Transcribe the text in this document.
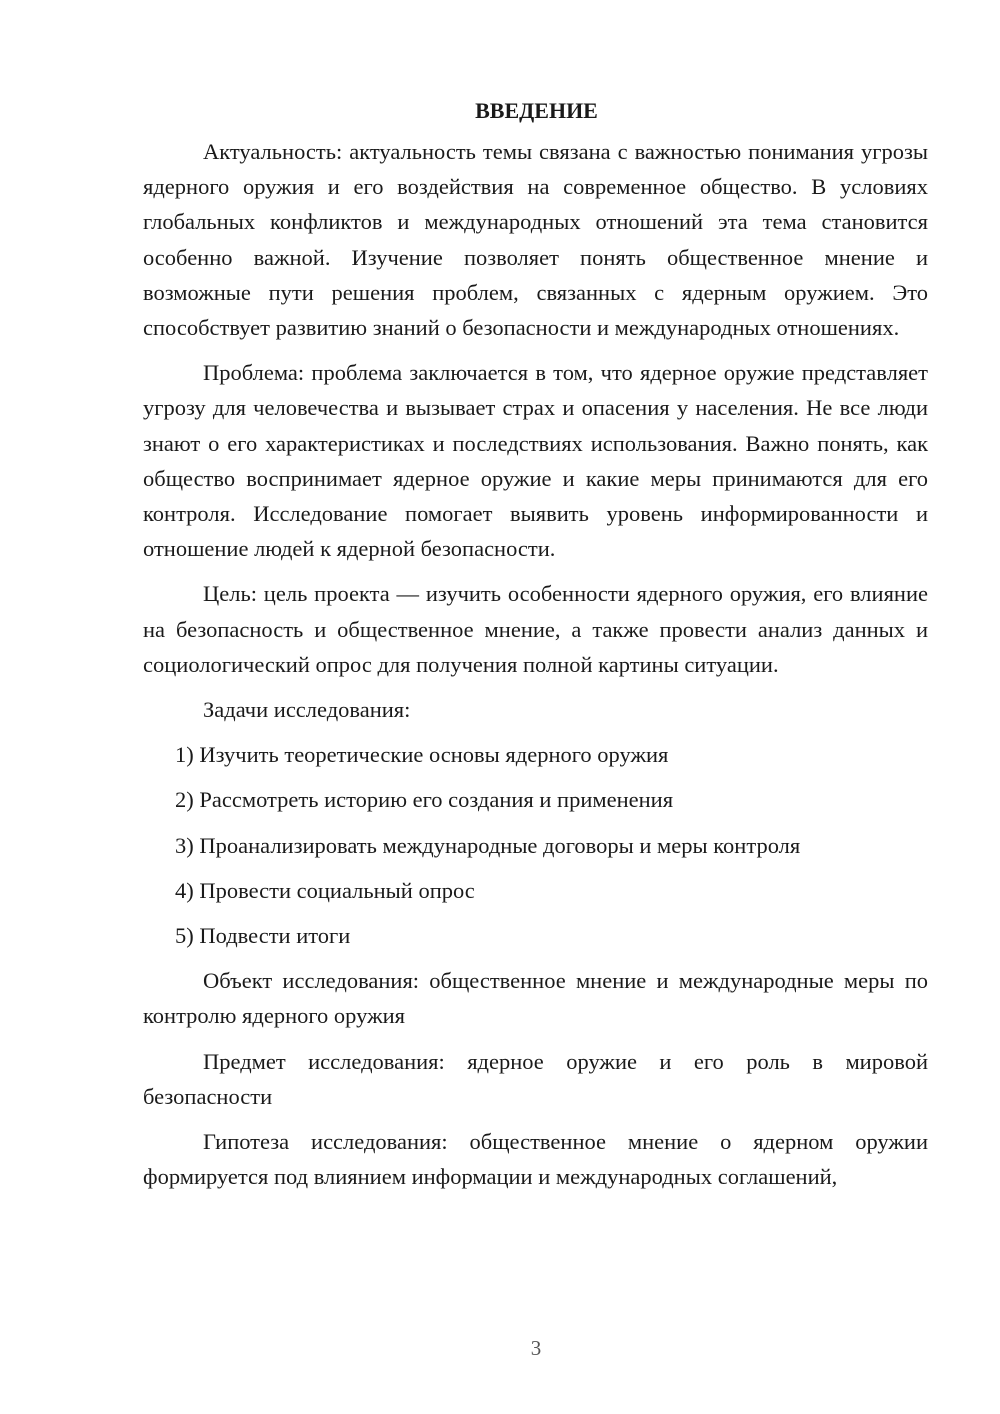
ВВЕДЕНИЕ

Актуальность: актуальность темы связана с важностью понимания угрозы ядерного оружия и его воздействия на современное общество. В условиях глобальных конфликтов и международных отношений эта тема становится особенно важной. Изучение позволяет понять общественное мнение и возможные пути решения проблем, связанных с ядерным оружием. Это способствует развитию знаний о безопасности и международных отношениях.

Проблема: проблема заключается в том, что ядерное оружие представляет угрозу для человечества и вызывает страх и опасения у населения. Не все люди знают о его характеристиках и последствиях использования. Важно понять, как общество воспринимает ядерное оружие и какие меры принимаются для его контроля. Исследование помогает выявить уровень информированности и отношение людей к ядерной безопасности.

Цель: цель проекта — изучить особенности ядерного оружия, его влияние на безопасность и общественное мнение, а также провести анализ данных и социологический опрос для получения полной картины ситуации.

Задачи исследования:

1) Изучить теоретические основы ядерного оружия
2) Рассмотреть историю его создания и применения
3) Проанализировать международные договоры и меры контроля
4) Провести социальный опрос
5) Подвести итоги

Объект исследования: общественное мнение и международные меры по контролю ядерного оружия

Предмет исследования: ядерное оружие и его роль в мировой безопасности

Гипотеза исследования: общественное мнение о ядерном оружии формируется под влиянием информации и международных соглашений,

3
